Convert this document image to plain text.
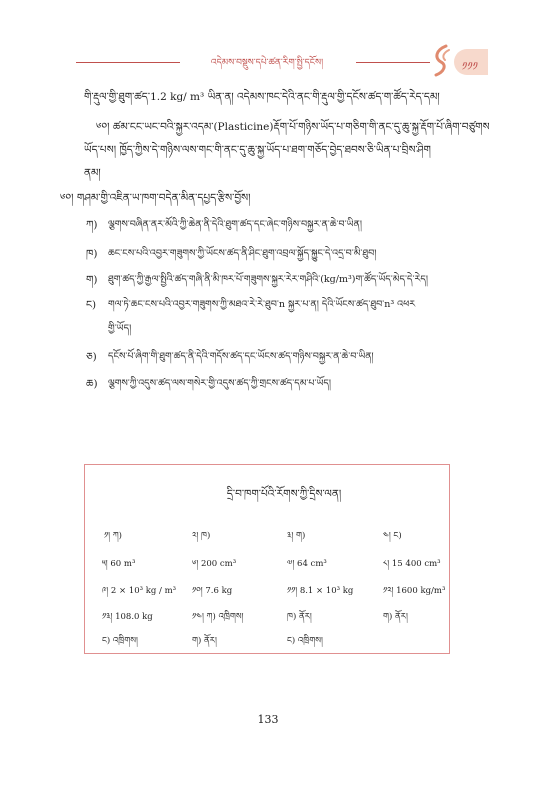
འདེམས་བསྡུས་དཔེ་ཚན་རིག་སྤྱི་དངོས།	༡༡༡
གི་རྡུལ་གྱི་ཐུག་ཚད་1.2 kg/ m³ ཡིན་ན། འདེམས་ཁང་དེའི་ནང་གི་རྡུལ་གྱི་དངོས་ཚད་ག་ཚོད་རེད་དམ།
༦༠། ཚམ་ངང་ཡང་བའི་སྐྱར་འདམ་(Plasticine)རྡོག་པོ་གཉིས་ཡོད་པ་གཅིག་གི་ནང་དུ་ཆུ་སྐྱ་རྡོག་པོ་ཞིག་བཙུགས
ཡོད་པས། ཁྱོད་ཀྱིས་དེ་གཉིས་ལས་གང་གི་ནང་དུ་ཆུ་སྐྱ་ཡོད་པ་ཐག་གཅོད་བྱེད་ཐབས་ཅི་ཡིན་པ་བྲིས་ཤིག
ནམ།
༦༠། གཤམ་གྱི་འཇིན་ཡ་ཁག་བདེན་མིན་དཔྱད་རྩིས་བྱོས།
ཀ) ལྕགས་བཞིན་ནར་མོའི་ཀྱི་ཆེན་ནི་དེའི་ཐུག་ཚད་དང་ཞེང་གཉིས་བསྐྱར་ན་ཆེ་བ་ཡིན།
ཁ) ཆང་ངས་པའི་འབྱར་གཟུགས་ཀྱི་ཡོངས་ཚད་ནི་ཤིང་ཐུག་འབྲལ་སྐྱོད་སྐྱུང་དེ་འདྲ་བ་མི་ཐུབ།
ག) ཐུག་ཚད་ཀྱི་རྒྱལ་སྤྱིའི་ཚད་གཞི་ནི་མི་ཁར་པོ་གཟུགས་སྐྱར་རེར་གཤིའི་(kg/m³)ག་ཚོད་ཡོད་མེད་དེ་རེད།
ང) གལ་ཏེ་ཆང་ངས་པའི་འབྱར་གཟུགས་ཀྱི་མཐའ་རེ་རེ་ཐུབ་n སྐྱར་པ་ན། དེའི་ཡོངས་ཚད་ཐུབ་n³ འཕར
གྱི་ཡོད།
ཅ) དངོས་པོ་ཞིག་གི་ཐུག་ཚད་ནི་དེའི་གདོས་ཚད་དང་ཡོངས་ཚད་གཉིས་བསྐྱར་ན་ཆེ་བ་ཡིན།
ཆ) ལྕགས་ཀྱི་འདུས་ཚད་ལས་གསེར་གྱི་འདུས་ཚད་ཀྱི་གྲངས་ཚད་དམ་པ་ཡོད།
དྲི་བ་ཁག་པོའི་རོགས་ཀྱི་དྲིས་ལན།
༡། ཀ)	༢། ཁ)	༣། ག)	༤། ང)
༥། 60 m³	༦། 200 cm³	༧། 64 cm³	༨། 15 400 cm³
༩། 2 × 10³ kg / m³ ༡༠། 7.6 kg	༡༡། 8.1 × 10³ kg	༡༢། 1600 kg/m³
༡༣། 108.0 kg	༡༤། ཀ) འཁྲིགས།	ཁ) ནོར།	ག) ནོར།
ང) འཁྲིགས།	ག) ནོར།	ང) འཁྲིགས།
133
